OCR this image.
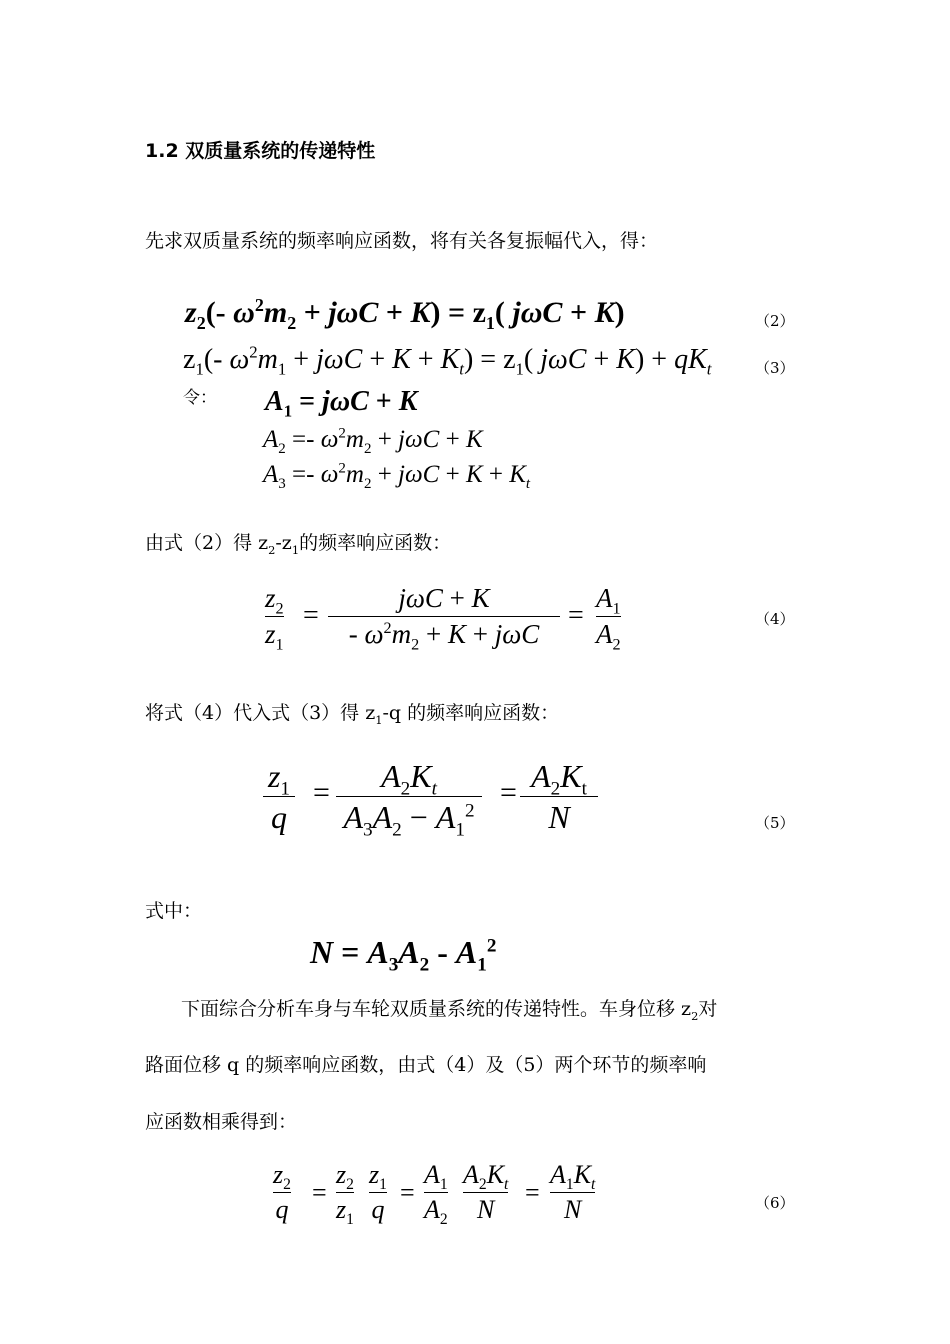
1.2 双质量系统的传递特性
先求双质量系统的频率响应函数，将有关各复振幅代入，得：
$z_2(-$ $\omega^2m_2 + j\omega C + K) = z_1$( jωC + K)	（2）
$z_1(-$ $\omega^2m_1 + j\omega C + K + K_t) = z_1$( $j\omega C + K) + qK_t$	（3）
令： $A_1 = j\omega C + K$
$A_2 =- \omega^2m_2 + j\omega C + K$
$A_3 =- \omega^2m_2 + j\omega C + K + K_t$
由式（2）得 $z_2-z_1$的频率响应函数：
$z_2$
$z_1$
=
jωC + K
- $\omega^2m_2 + K + j\omega C$
=
$A_1$
$A_2$
（4）
将式（4）代入式（3）得 $z_1-q$ 的频率响应函数：
$z_1$
q
= $A_2K_t$
$A_3A_2 - A_1^2$
= $A_2K_t$
N	（5）
式中：
$N = A_3A_2 - A_1^2$
下面综合分析车身与车轮双质量系统的传递特性。车身位移 $z_2$对
路面位移 q 的频率响应函数，由式（4）及（5）两个环节的频率响
应函数相乘得到：
$z_2$
q
=
$z_2$
$z_1$
$z_1$
q
=
$A_1$
$A_2$
$A_2K_t$
N
=
$A_1K_t$
N	（6）
